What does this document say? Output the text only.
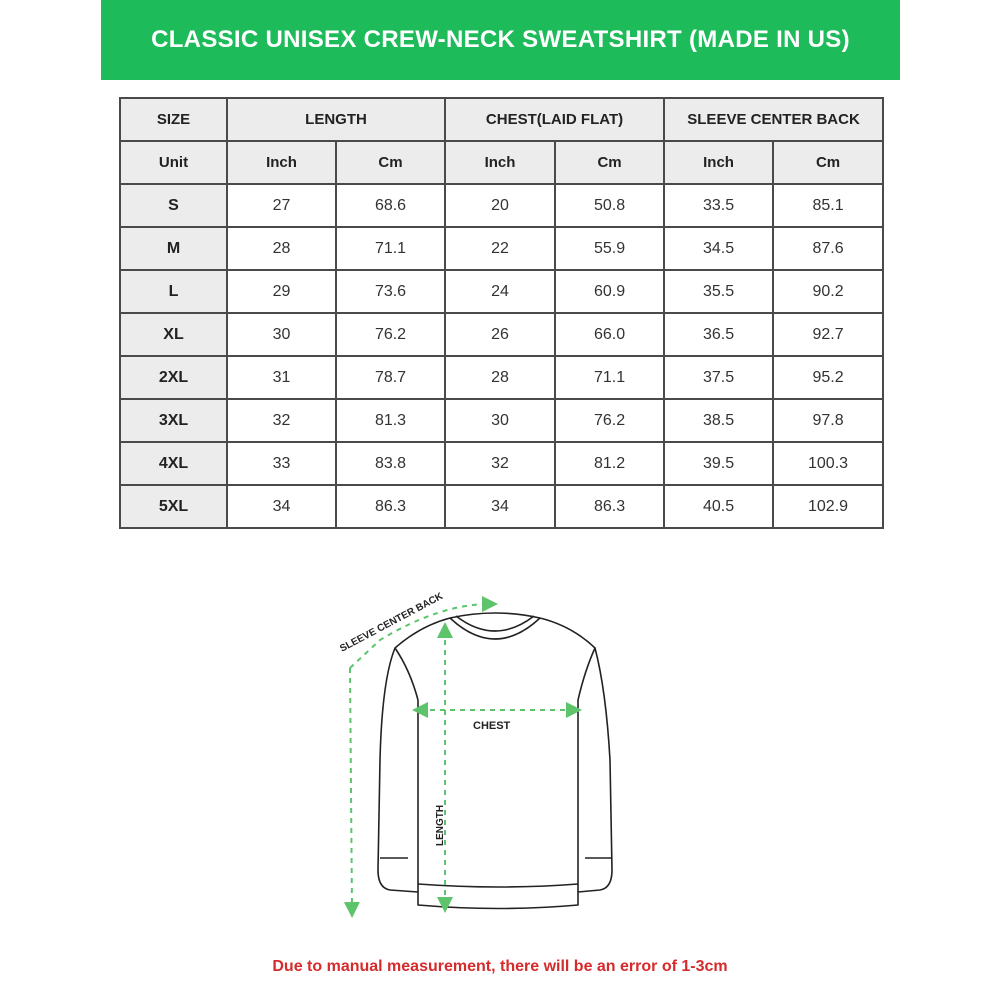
CLASSIC UNISEX CREW-NECK SWEATSHIRT (MADE IN US)
SIZE	LENGTH		CHEST(LAID FLAT)		SLEEVE CENTER BACK	
Unit	Inch	Cm	Inch	Cm	Inch	Cm
S	27	68.6	20	50.8	33.5	85.1
M	28	71.1	22	55.9	34.5	87.6
L	29	73.6	24	60.9	35.5	90.2
XL	30	76.2	26	66.0	36.5	92.7
2XL	31	78.7	28	71.1	37.5	95.2
3XL	32	81.3	30	76.2	38.5	97.8
4XL	33	83.8	32	81.2	39.5	100.3
5XL	34	86.3	34	86.3	40.5	102.9
SLEEVE CENTER BACK
CHEST
LENGTH
Due to manual measurement, there will be an error of 1-3cm
